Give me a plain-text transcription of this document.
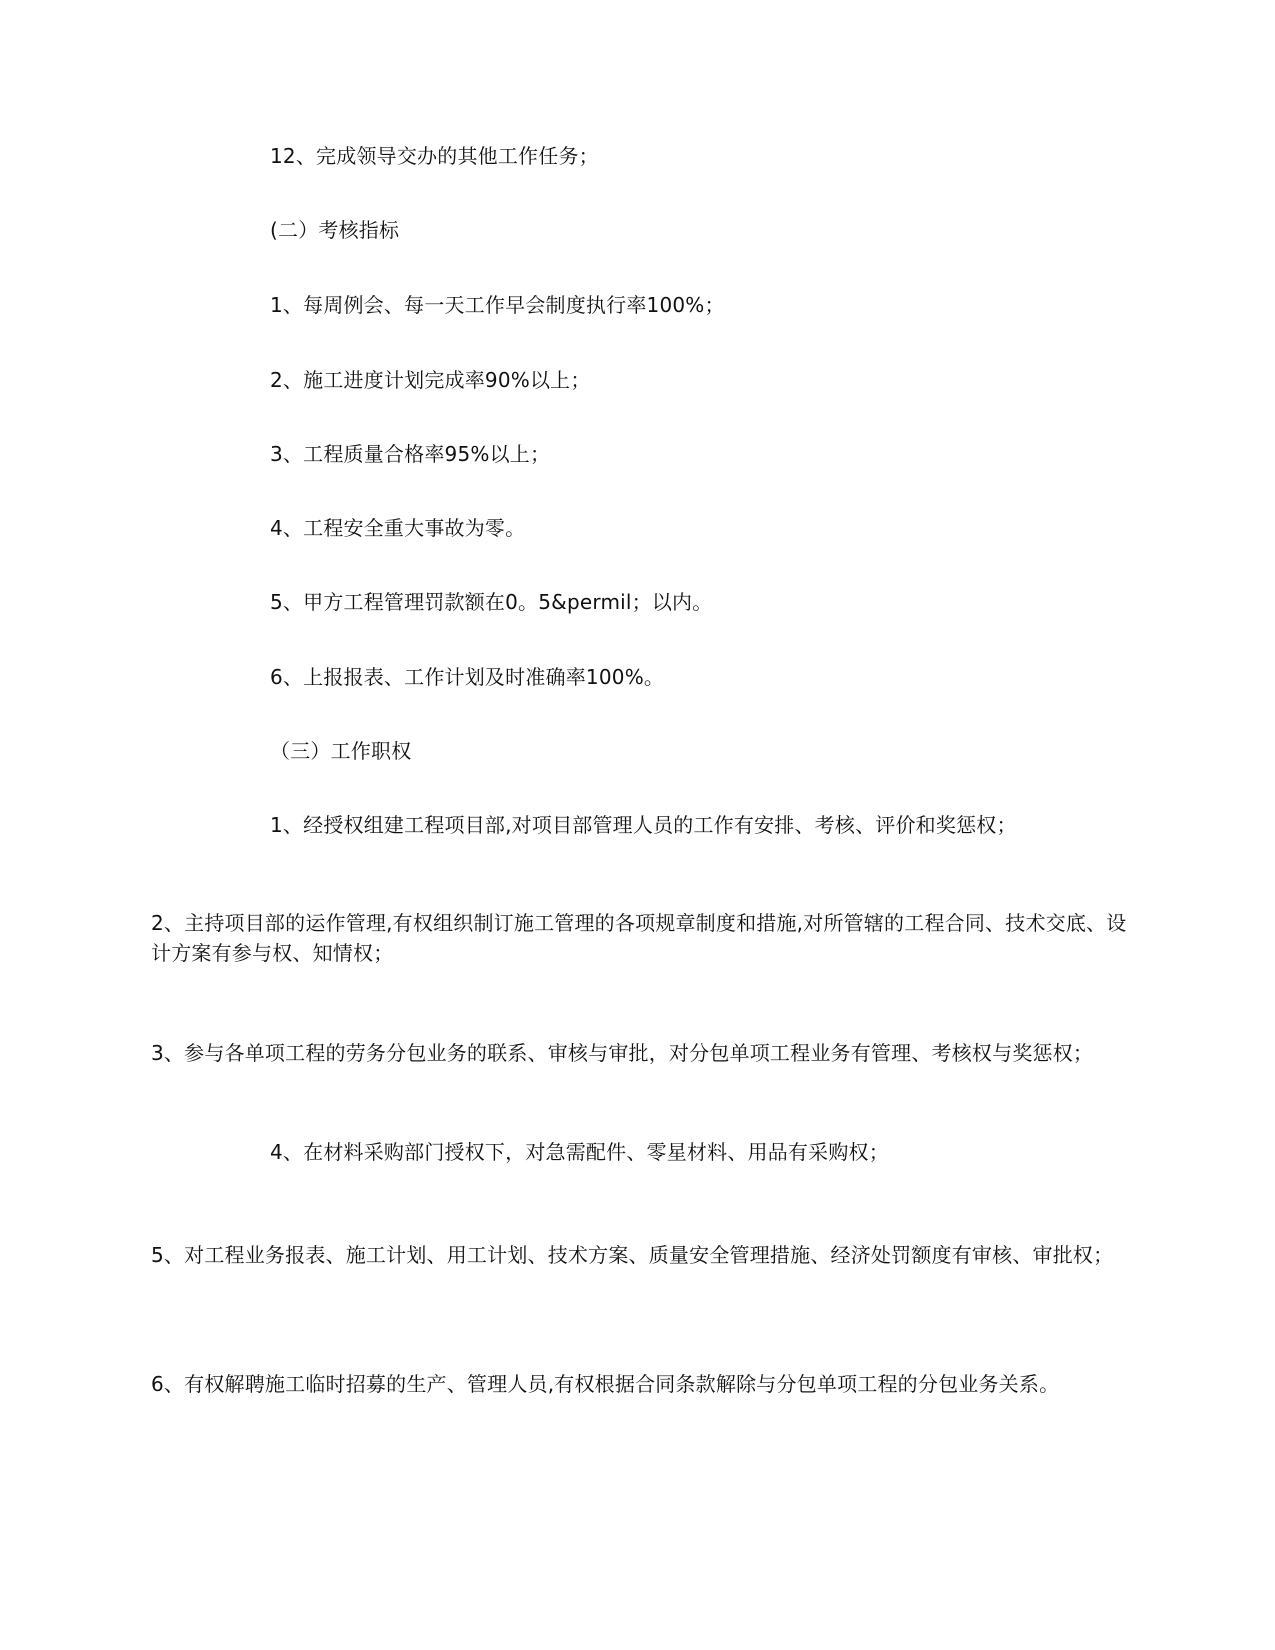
12、完成领导交办的其他工作任务；
(二）考核指标
1、每周例会、每一天工作早会制度执行率100%；
2、施工进度计划完成率90%以上；
3、工程质量合格率95%以上；
4、工程安全重大事故为零。
5、甲方工程管理罚款额在0。5&permil；以内。
6、上报报表、工作计划及时准确率100%。
（三）工作职权
1、经授权组建工程项目部,对项目部管理人员的工作有安排、考核、评价和奖惩权；
2、主持项目部的运作管理,有权组织制订施工管理的各项规章制度和措施,对所管辖的工程合同、技术交底、设计方案有参与权、知情权；
3、参与各单项工程的劳务分包业务的联系、审核与审批，对分包单项工程业务有管理、考核权与奖惩权；
4、在材料采购部门授权下，对急需配件、零星材料、用品有采购权；
5、对工程业务报表、施工计划、用工计划、技术方案、质量安全管理措施、经济处罚额度有审核、审批权；
6、有权解聘施工临时招募的生产、管理人员,有权根据合同条款解除与分包单项工程的分包业务关系。
